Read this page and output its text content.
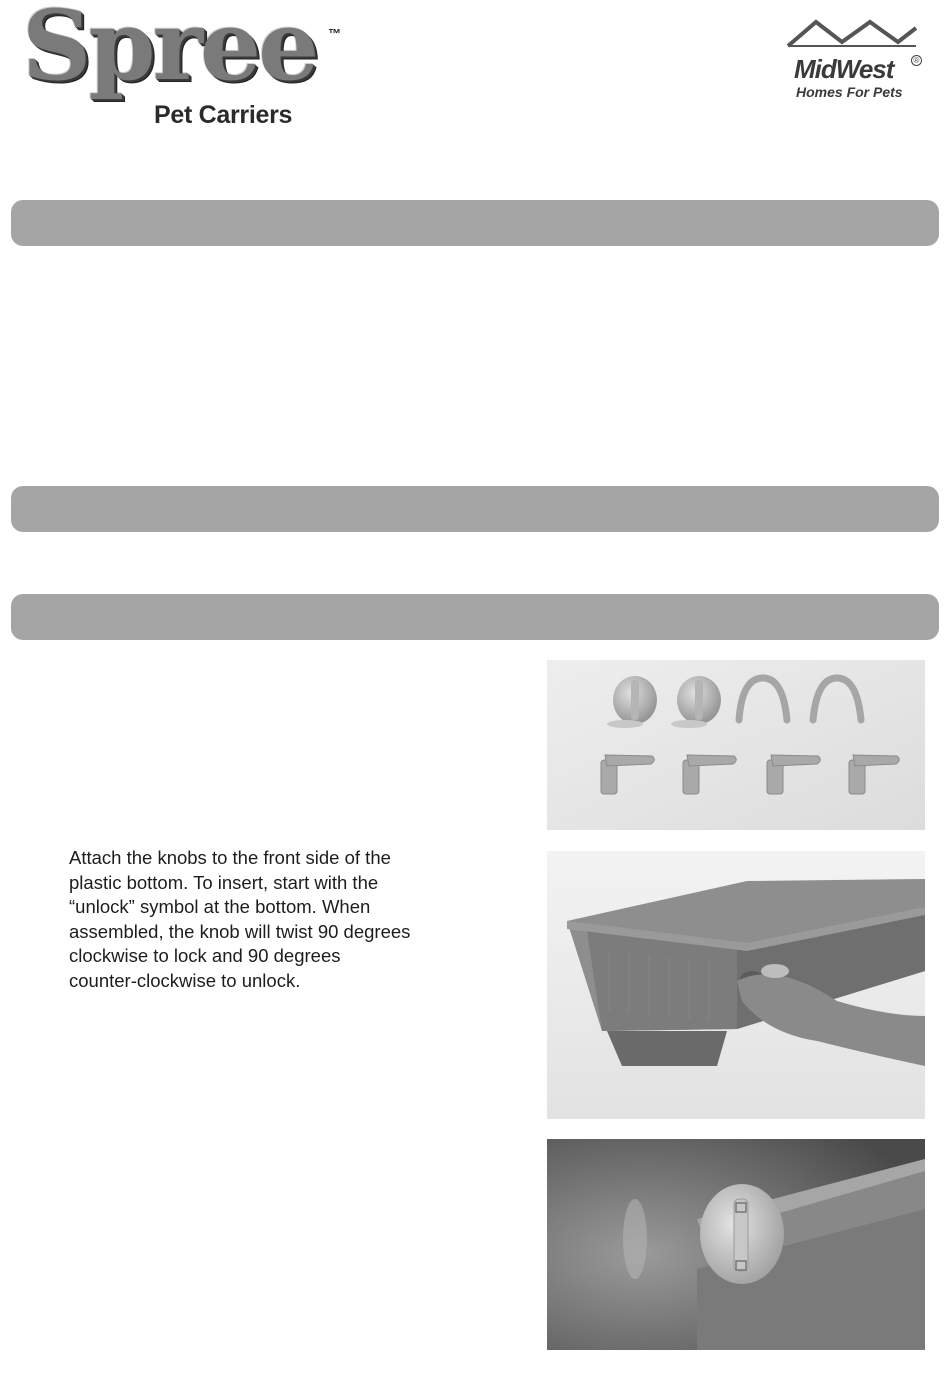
Spree ™
Pet Carriers
MidWest	®
Homes For Pets
Attach the knobs to the front side of the
plastic bottom. To insert, start with the
“unlock” symbol at the bottom. When
assembled, the knob will twist 90 degrees
clockwise to lock and 90 degrees
counter-clockwise to unlock.
